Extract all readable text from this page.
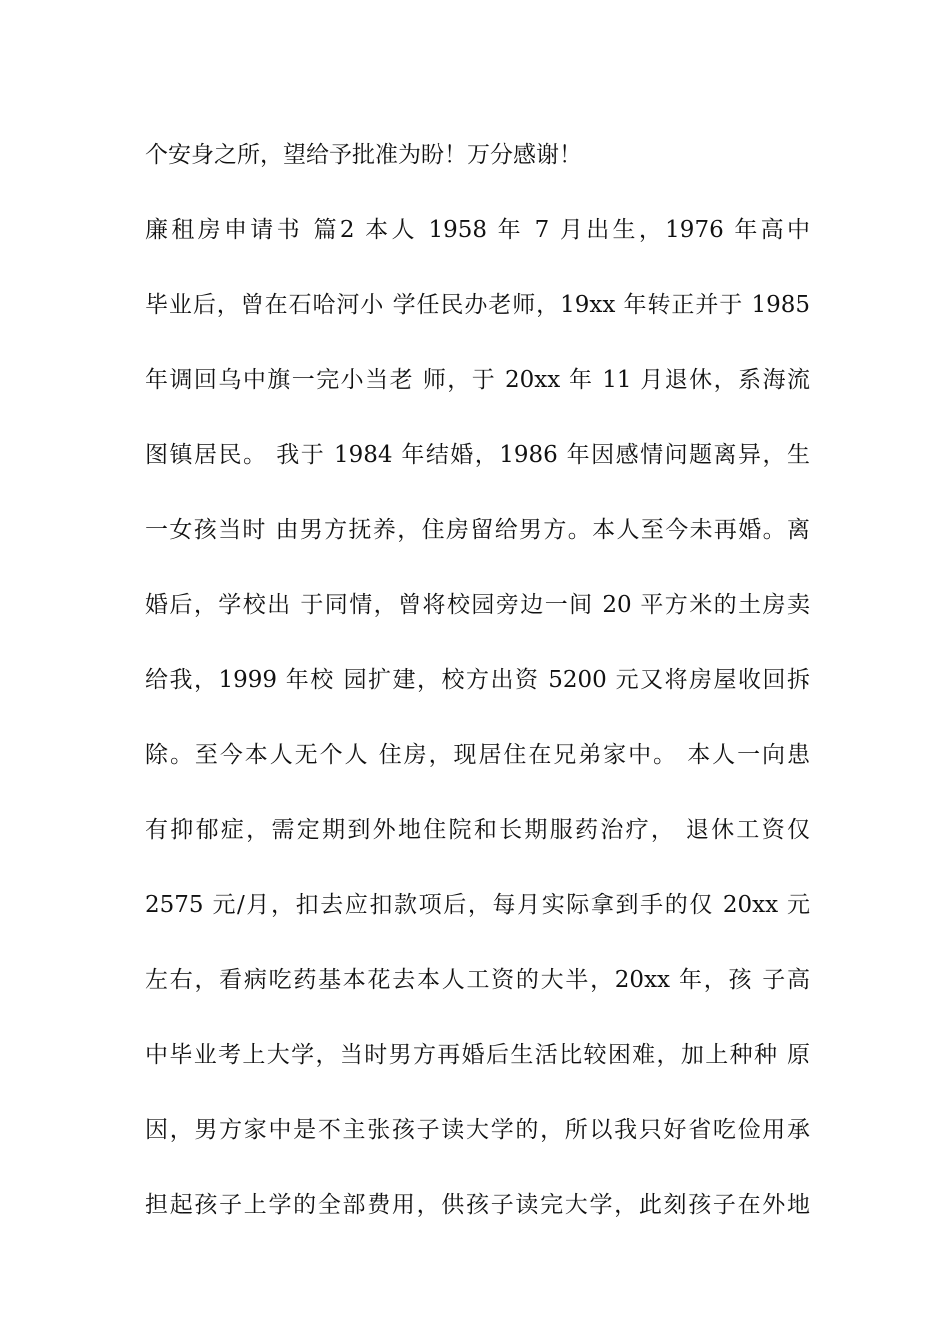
个安身之所，望给予批准为盼！万分感谢！
廉租房申请书 篇2 本人 1958 年 7 月出生，1976 年高中
毕业后，曾在石哈河小 学任民办老师，19xx 年转正并于 1985
年调回乌中旗一完小当老 师，于 20xx 年 11 月退休，系海流
图镇居民。 我于 1984 年结婚，1986 年因感情问题离异，生
一女孩当时 由男方抚养，住房留给男方。本人至今未再婚。离
婚后，学校出 于同情，曾将校园旁边一间 20 平方米的土房卖
给我，1999 年校 园扩建，校方出资 5200 元又将房屋收回拆
除。至今本人无个人 住房，现居住在兄弟家中。 本人一向患
有抑郁症，需定期到外地住院和长期服药治疗， 退休工资仅
2575 元/月，扣去应扣款项后，每月实际拿到手的仅 20xx 元
左右，看病吃药基本花去本人工资的大半，20xx 年，孩 子高
中毕业考上大学，当时男方再婚后生活比较困难，加上种种 原
因，男方家中是不主张孩子读大学的，所以我只好省吃俭用承
担起孩子上学的全部费用，供孩子读完大学，此刻孩子在外地
